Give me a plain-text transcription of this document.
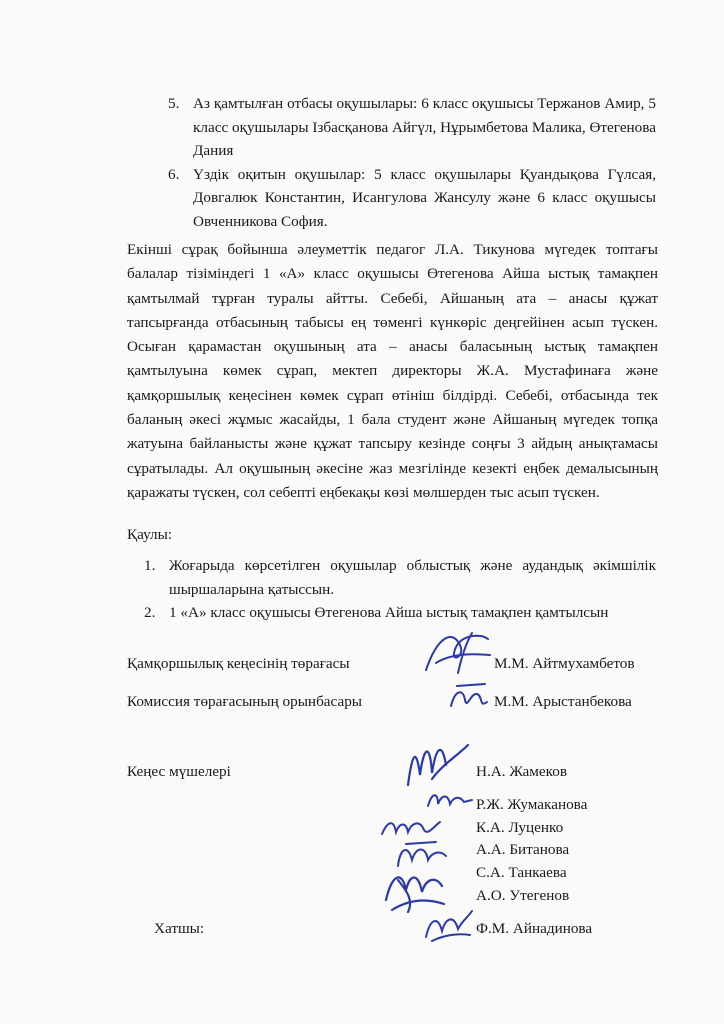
5. Аз қамтылған отбасы оқушылары: 6 класс оқушысы Тержанов Амир, 5 класс оқушылары Ізбасқанова Айгүл, Нұрымбетова Малика, Өтегенова Дания
6. Үздік оқитын оқушылар: 5 класс оқушылары Қуандықова Гүлсая, Довгалюк Константин, Исангулова Жансулу және 6 класс оқушысы Овченникова София.

Екінші сұрақ бойынша әлеуметтік педагог Л.А. Тикунова мүгедек топтағы балалар тізіміндегі 1 «А» класс оқушысы Өтегенова Айша ыстық тамақпен қамтылмай тұрған туралы айтты. Себебі, Айшаның ата – анасы құжат тапсырғанда отбасының табысы ең төменгі күнкөріс деңгейінен асып түскен. Осыған қарамастан оқушының ата – анасы баласының ыстық тамақпен қамтылуына көмек сұрап, мектеп директоры Ж.А. Мустафинаға және қамқоршылық кеңесінен көмек сұрап өтініш білдірді. Себебі, отбасында тек баланың әкесі жұмыс жасайды, 1 бала студент және Айшаның мүгедек топқа жатуына байланысты және құжат тапсыру кезінде соңғы 3 айдың анықтамасы сұратылады. Ал оқушының әкесіне жаз мезгілінде кезекті еңбек демалысының қаражаты түскен, сол себепті еңбекақы көзі мөлшерден тыс асып түскен.

Қаулы:
1. Жоғарыда көрсетілген оқушылар облыстық және аудандық әкімшілік шыршаларына қатыссын.
2. 1 «А» класс оқушысы Өтегенова Айша ыстық тамақпен қамтылсын
Қамқоршылық кеңесінің төрағасы	М.М. Айтмухамбетов
Комиссия төрағасының орынбасары	М.М. Арыстанбекова
Кеңес мүшелері	Н.А. Жамеков
Р.Ж. Жумаканова
К.А. Луценко
А.А. Битанова
С.А. Танкаева
А.О. Утегенов
Хатшы:	Ф.М. Айнадинова
